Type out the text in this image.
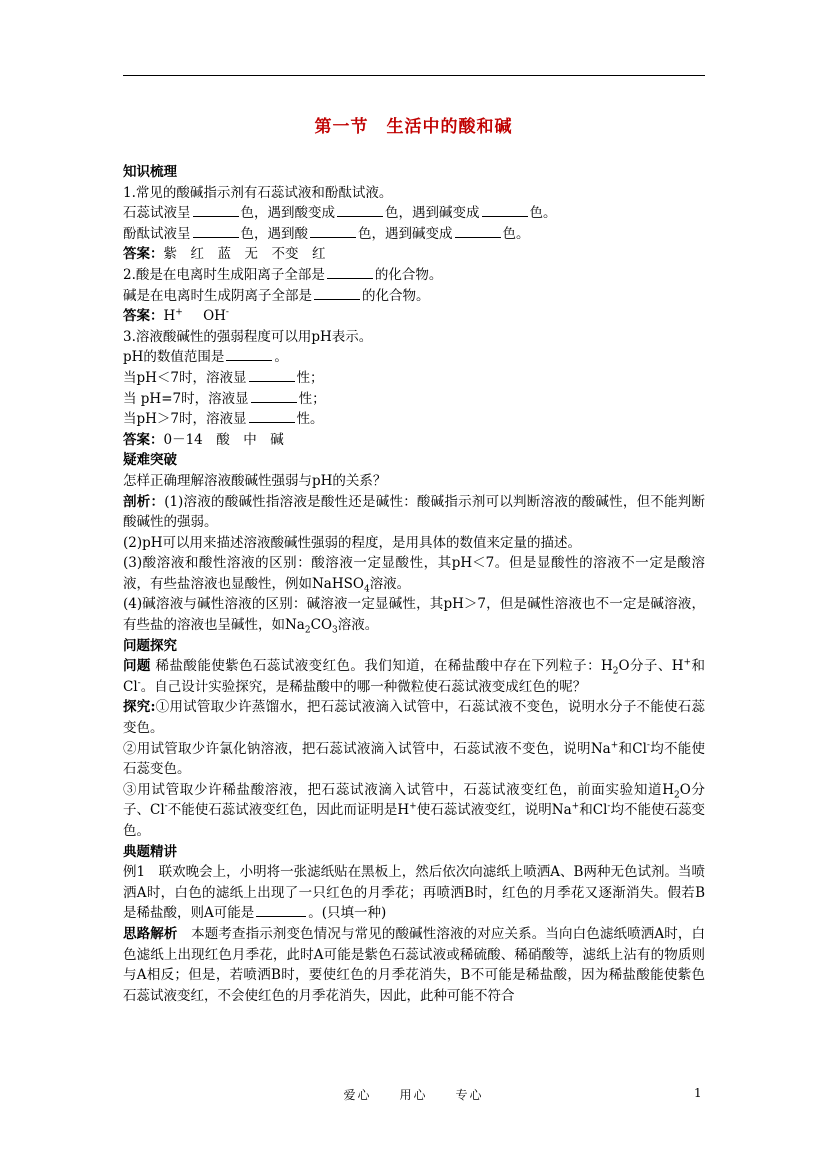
第一节　生活中的酸和碱
知识梳理
1.常见的酸碱指示剂有石蕊试液和酚酞试液。
石蕊试液呈	色，遇到酸变成	色，遇到碱变成	色。
酚酞试液呈	色，遇到酸	色，遇到碱变成	色。
答案：紫　红　蓝　无　不变　红
2.酸是在电离时生成阳离子全部是	的化合物。
碱是在电离时生成阴离子全部是	的化合物。
答案：H+   OH-
3.溶液酸碱性的强弱程度可以用pH表示。
pH的数值范围是	。
当pH＜7时，溶液显	性；
当 pH=7时，溶液显	性；
当pH＞7时，溶液显	性。
答案：0－14　酸　中　碱
疑难突破
怎样正确理解溶液酸碱性强弱与pH的关系？
剖析：(1)溶液的酸碱性指溶液是酸性还是碱性：酸碱指示剂可以判断溶液的酸碱性，但不能判断酸碱性的强弱。
(2)pH可以用来描述溶液酸碱性强弱的程度，是用具体的数值来定量的描述。
(3)酸溶液和酸性溶液的区别：酸溶液一定显酸性，其pH＜7。但是显酸性的溶液不一定是酸溶液，有些盐溶液也显酸性，例如NaHSO$_4$溶液。
(4)碱溶液与碱性溶液的区别：碱溶液一定显碱性，其pH＞7，但是碱性溶液也不一定是碱溶液，有些盐的溶液也呈碱性，如$Na_2CO_3$溶液。
问题探究
问题 稀盐酸能使紫色石蕊试液变红色。我们知道，在稀盐酸中存在下列粒子：$H_2O$分子、H+和Cl-。自己设计实验探究，是稀盐酸中的哪一种微粒使石蕊试液变成红色的呢？
探究:①用试管取少许蒸馏水，把石蕊试液滴入试管中，石蕊试液不变色，说明水分子不能使石蕊变色。
②用试管取少许氯化钠溶液，把石蕊试液滴入试管中，石蕊试液不变色，说明Na+和Cl-均不能使石蕊变色。
③用试管取少许稀盐酸溶液，把石蕊试液滴入试管中，石蕊试液变红色，前面实验知道$H_2O$分子、Cl-不能使石蕊试液变红色，因此而证明是H+使石蕊试液变红，说明Na+和Cl-均不能使石蕊变色。
典题精讲
例1　联欢晚会上，小明将一张滤纸贴在黑板上，然后依次向滤纸上喷洒A、B两种无色试剂。当喷洒A时，白色的滤纸上出现了一只红色的月季花；再喷洒B时，红色的月季花又逐渐消失。假若B是稀盐酸，则A可能是	。(只填一种)
思路解析　本题考查指示剂变色情况与常见的酸碱性溶液的对应关系。当向白色滤纸喷洒A时，白色滤纸上出现红色月季花，此时A可能是紫色石蕊试液或稀硫酸、稀硝酸等，滤纸上沾有的物质则与A相反；但是，若喷洒B时，要使红色的月季花消失，B不可能是稀盐酸，因为稀盐酸能使紫色石蕊试液变红，不会使红色的月季花消失，因此，此种可能不符合
爱心　　用心　　专心	1
